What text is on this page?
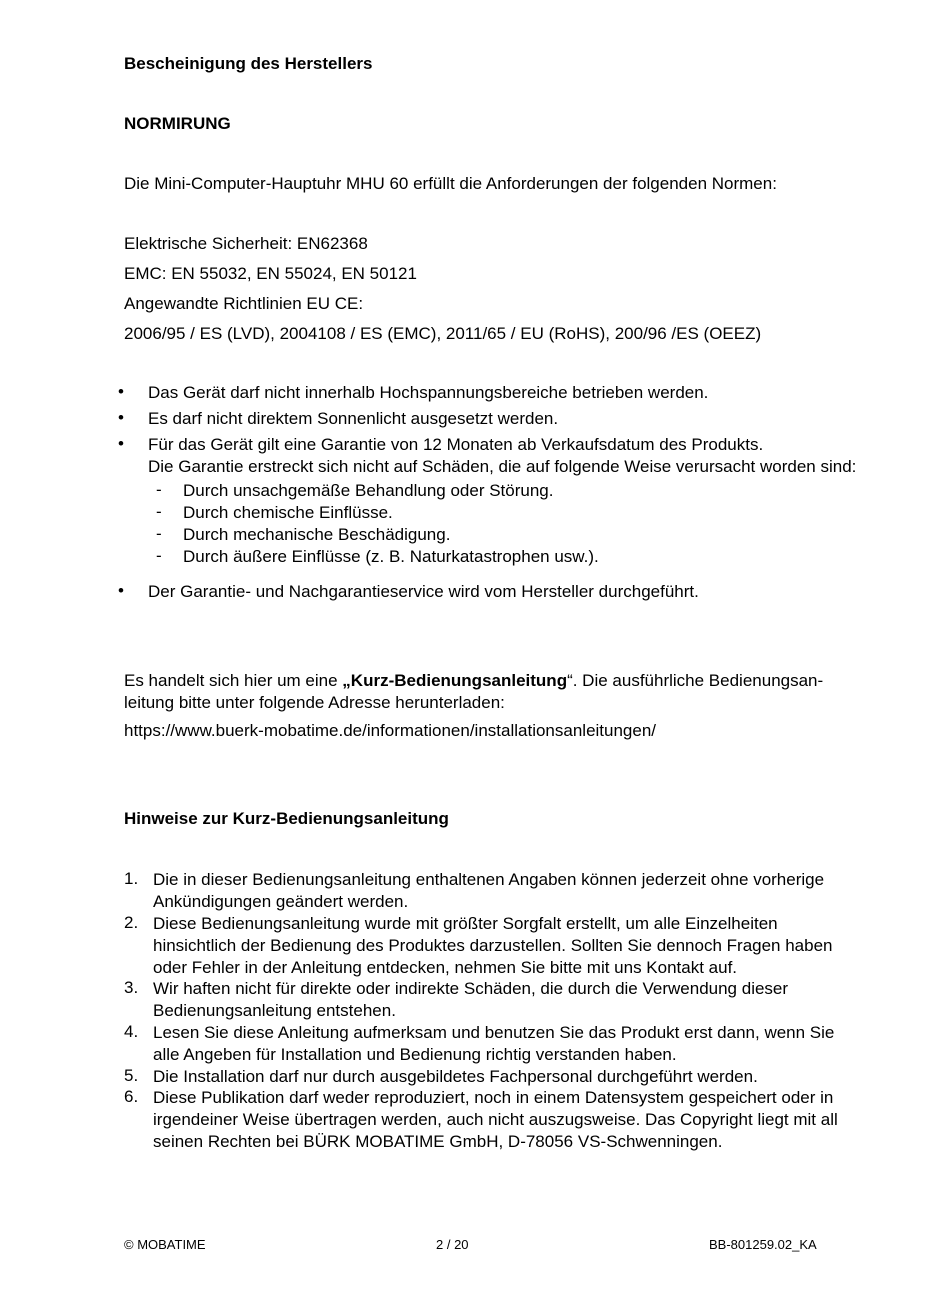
Bescheinigung des Herstellers
NORMIRUNG
Die Mini-Computer-Hauptuhr MHU 60 erfüllt die Anforderungen der folgenden Normen:
Elektrische Sicherheit: EN62368
EMC: EN 55032, EN 55024, EN 50121
Angewandte Richtlinien EU CE:
2006/95 / ES (LVD), 2004108 / ES (EMC), 2011/65 / EU (RoHS), 200/96 /ES (OEEZ)
• Das Gerät darf nicht innerhalb Hochspannungsbereiche betrieben werden.
• Es darf nicht direktem Sonnenlicht ausgesetzt werden.
• Für das Gerät gilt eine Garantie von 12 Monaten ab Verkaufsdatum des Produkts.
Die Garantie erstreckt sich nicht auf Schäden, die auf folgende Weise verursacht worden sind:
- Durch unsachgemäße Behandlung oder Störung.
- Durch chemische Einflüsse.
- Durch mechanische Beschädigung.
- Durch äußere Einflüsse (z. B. Naturkatastrophen usw.).
• Der Garantie- und Nachgarantieservice wird vom Hersteller durchgeführt.
Es handelt sich hier um eine „Kurz-Bedienungsanleitung“. Die ausführliche Bedienungsan-
leitung bitte unter folgende Adresse herunterladen:
https://www.buerk-mobatime.de/informationen/installationsanleitungen/
Hinweise zur Kurz-Bedienungsanleitung
1. Die in dieser Bedienungsanleitung enthaltenen Angaben können jederzeit ohne vorherige
Ankündigungen geändert werden.
2. Diese Bedienungsanleitung wurde mit größter Sorgfalt erstellt, um alle Einzelheiten
hinsichtlich der Bedienung des Produktes darzustellen. Sollten Sie dennoch Fragen haben
oder Fehler in der Anleitung entdecken, nehmen Sie bitte mit uns Kontakt auf.
3. Wir haften nicht für direkte oder indirekte Schäden, die durch die Verwendung dieser
Bedienungsanleitung entstehen.
4. Lesen Sie diese Anleitung aufmerksam und benutzen Sie das Produkt erst dann, wenn Sie
alle Angeben für Installation und Bedienung richtig verstanden haben.
5. Die Installation darf nur durch ausgebildetes Fachpersonal durchgeführt werden.
6. Diese Publikation darf weder reproduziert, noch in einem Datensystem gespeichert oder in
irgendeiner Weise übertragen werden, auch nicht auszugsweise. Das Copyright liegt mit all
seinen Rechten bei BÜRK MOBATIME GmbH, D-78056 VS-Schwenningen.
© MOBATIME	2 / 20	BB-801259.02_KA
